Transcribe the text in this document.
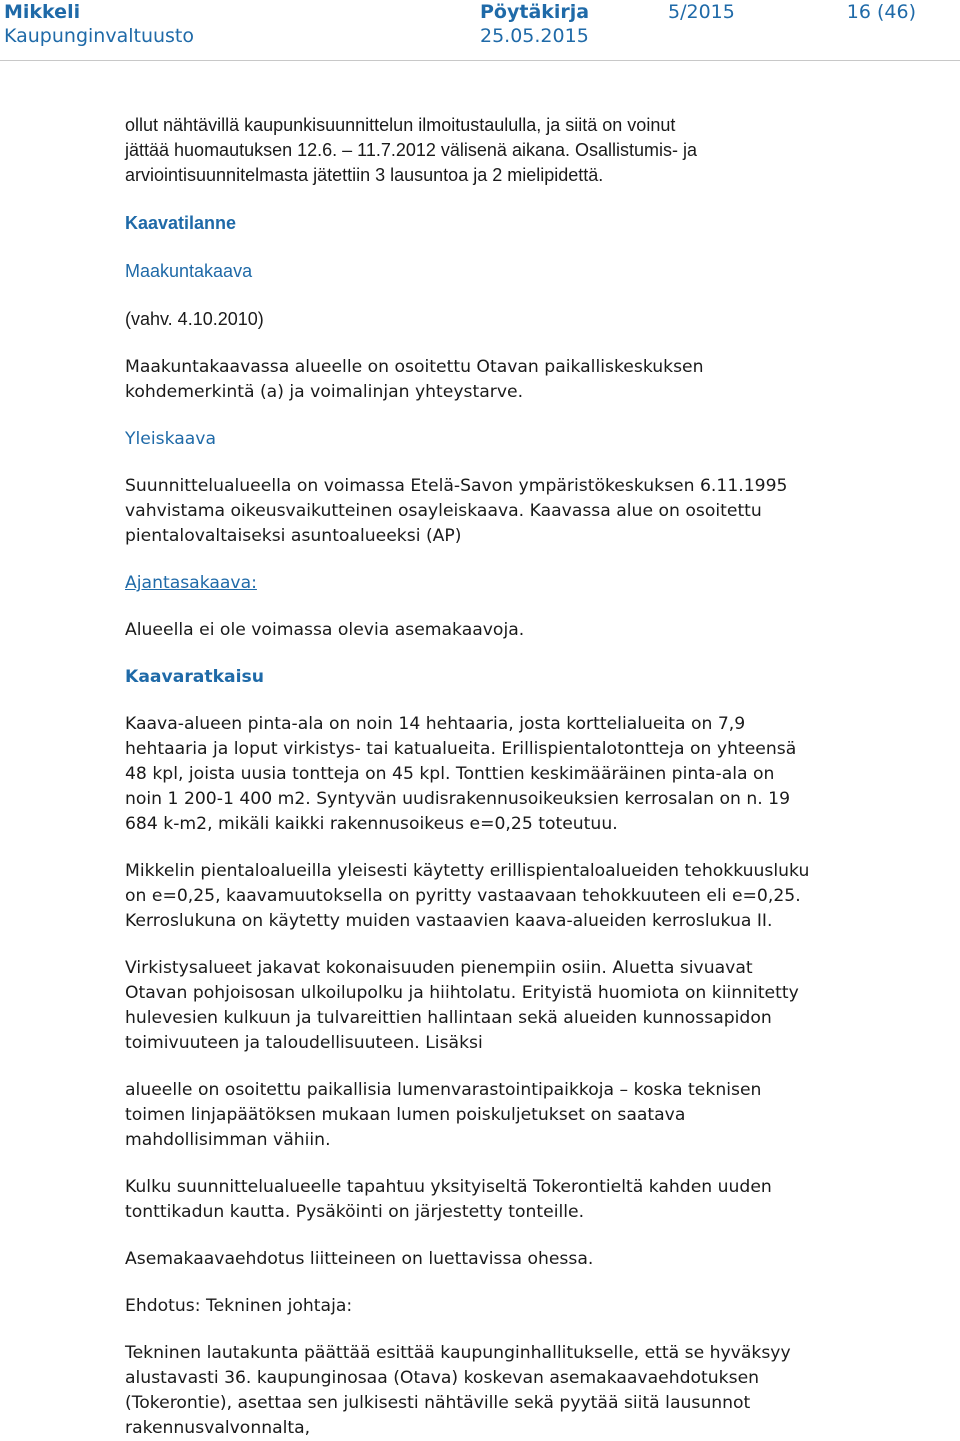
Mikkeli
Kaupunginvaltuusto
Pöytäkirja
25.05.2015
5/2015	16 (46)

ollut nähtävillä kaupunkisuunnittelun ilmoitustaululla, ja siitä on voinut
jättää huomautuksen 12.6. – 11.7.2012 välisenä aikana. Osallistumis- ja
arviointisuunnitelmasta jätettiin 3 lausuntoa ja 2 mielipidettä.

Kaavatilanne

Maakuntakaava

(vahv. 4.10.2010)

Maakuntakaavassa alueelle on osoitettu Otavan paikalliskeskuksen
kohdemerkintä (a) ja voimalinjan yhteystarve.

Yleiskaava

Suunnittelualueella on voimassa Etelä-Savon ympäristökeskuksen 6.11.1995
vahvistama oikeusvaikutteinen osayleiskaava. Kaavassa alue on osoitettu
pientalovaltaiseksi asuntoalueeksi (AP)

Ajantasakaava:

Alueella ei ole voimassa olevia asemakaavoja.

Kaavaratkaisu

Kaava-alueen pinta-ala on noin 14 hehtaaria, josta korttelialueita on 7,9
hehtaaria ja loput virkistys- tai katualueita. Erillispientalotontteja on yhteensä
48 kpl, joista uusia tontteja on 45 kpl. Tonttien keskimääräinen pinta-ala on
noin 1 200-1 400 m2. Syntyvän uudisrakennusoikeuksien kerrosalan on n. 19
684 k-m2, mikäli kaikki rakennusoikeus e=0,25 toteutuu.

Mikkelin pientaloalueilla yleisesti käytetty erillispientaloalueiden tehokkuusluku
on e=0,25, kaavamuutoksella on pyritty vastaavaan tehokkuuteen eli e=0,25.
Kerroslukuna on käytetty muiden vastaavien kaava-alueiden kerroslukua II.

Virkistysalueet jakavat kokonaisuuden pienempiin osiin. Aluetta sivuavat
Otavan pohjoisosan ulkoilupolku ja hiihtolatu. Erityistä huomiota on kiinnitetty
hulevesien kulkuun ja tulvareittien hallintaan sekä alueiden kunnossapidon
toimivuuteen ja taloudellisuuteen. Lisäksi

alueelle on osoitettu paikallisia lumenvarastointipaikkoja – koska teknisen
toimen linjapäätöksen mukaan lumen poiskuljetukset on saatava
mahdollisimman vähiin.

Kulku suunnittelualueelle tapahtuu yksityiseltä Tokerontieltä kahden uuden
tonttikadun kautta. Pysäköinti on järjestetty tonteille.

Asemakaavaehdotus liitteineen on luettavissa ohessa.

Ehdotus: Tekninen johtaja:

Tekninen lautakunta päättää esittää kaupunginhallitukselle, että se hyväksyy
alustavasti 36. kaupunginosaa (Otava) koskevan asemakaavaehdotuksen
(Tokerontie), asettaa sen julkisesti nähtäville sekä pyytää siitä lausunnot
rakennusvalvonnalta,
